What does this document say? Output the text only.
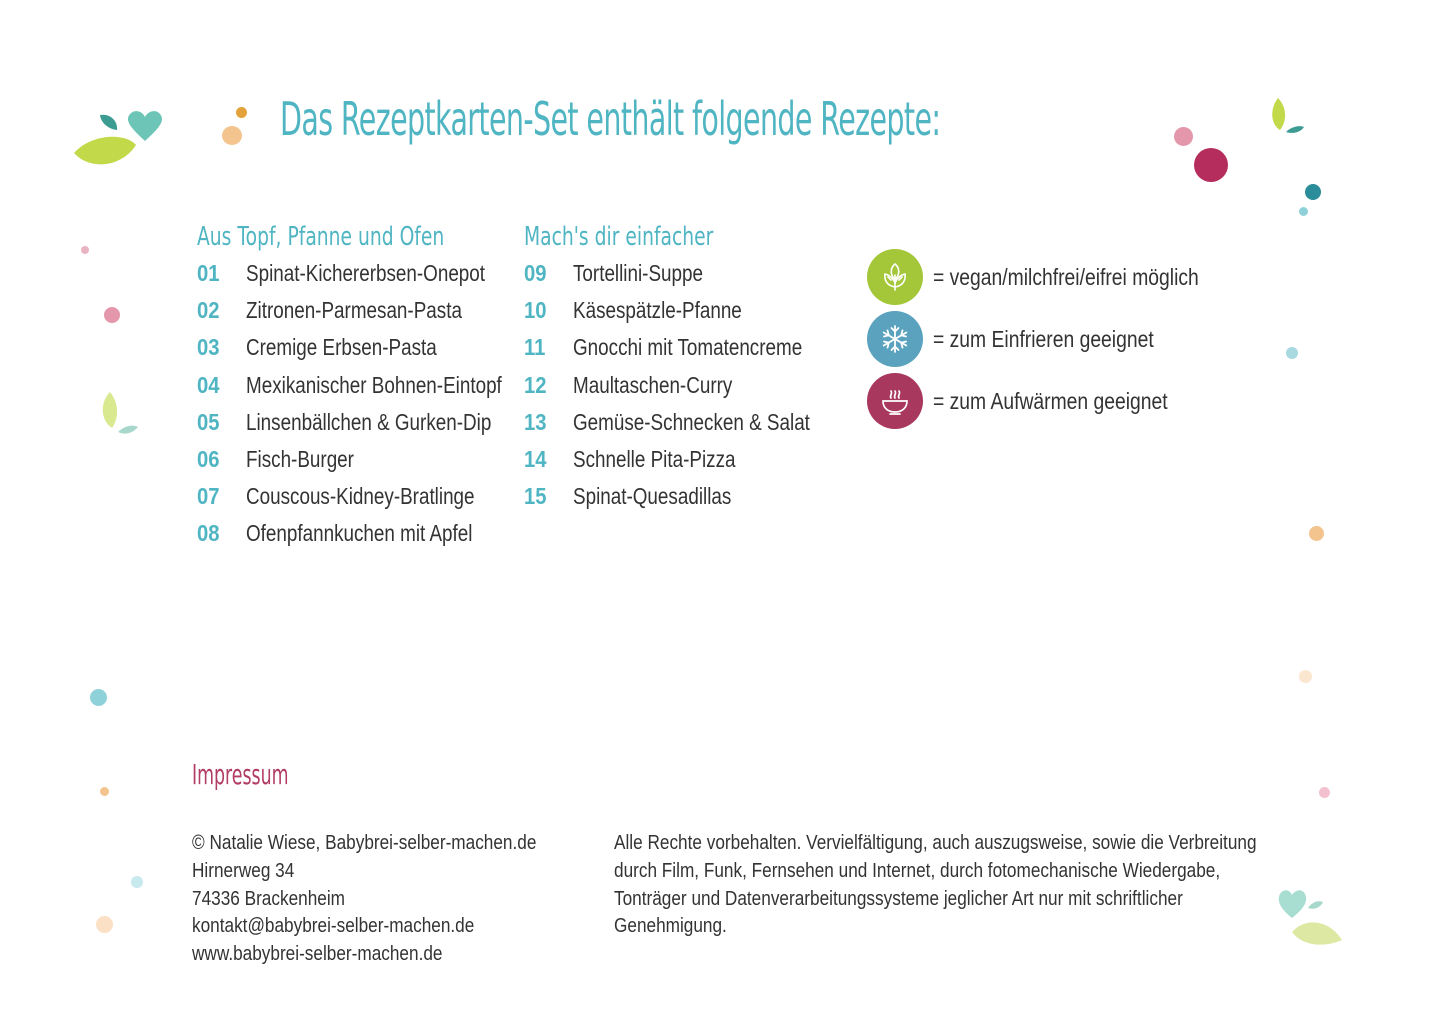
Das Rezeptkarten-Set enthält folgende Rezepte:
Aus Topf, Pfanne und Ofen
01	Spinat-Kichererbsen-Onepot
02	Zitronen-Parmesan-Pasta
03	Cremige Erbsen-Pasta
04	Mexikanischer Bohnen-Eintopf
05	Linsenbällchen & Gurken-Dip
06	Fisch-Burger
07	Couscous-Kidney-Bratlinge
08	Ofenpfannkuchen mit Apfel
Mach's dir einfacher
09	Tortellini-Suppe
10	Käsespätzle-Pfanne
11	Gnocchi mit Tomatencreme
12	Maultaschen-Curry
13	Gemüse-Schnecken & Salat
14	Schnelle Pita-Pizza
15	Spinat-Quesadillas
= vegan/milchfrei/eifrei möglich
= zum Einfrieren geeignet
= zum Aufwärmen geeignet
Impressum
© Natalie Wiese, Babybrei-selber-machen.de
Hirnerweg 34
74336 Brackenheim
kontakt@babybrei-selber-machen.de
www.babybrei-selber-machen.de
Alle Rechte vorbehalten. Vervielfältigung, auch auszugsweise, sowie die Verbreitung
durch Film, Funk, Fernsehen und Internet, durch fotomechanische Wiedergabe,
Tonträger und Datenverarbeitungssysteme jeglicher Art nur mit schriftlicher
Genehmigung.
